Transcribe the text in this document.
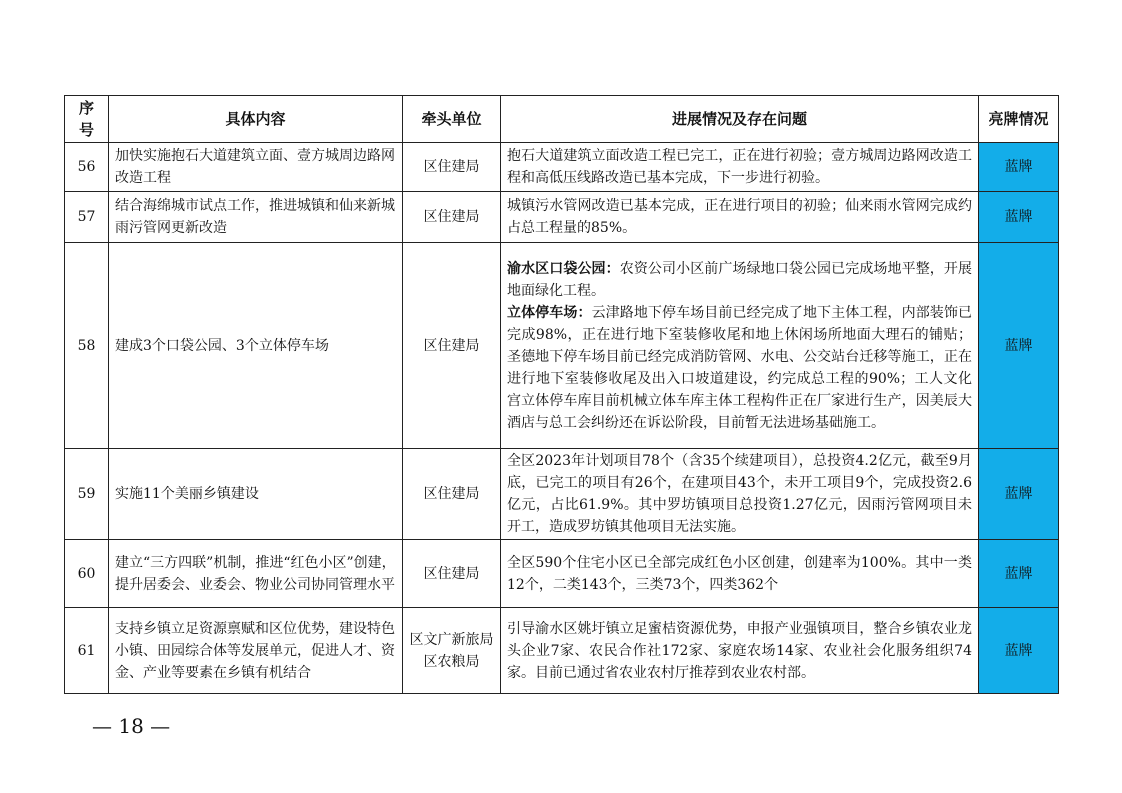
序
号	具体内容	牵头单位	进展情况及存在问题	亮牌情况
56	加快实施抱石大道建筑立面、壹方城周边路网改造工程	区住建局	抱石大道建筑立面改造工程已完工，正在进行初验；壹方城周边路网改造工程和高低压线路改造已基本完成，下一步进行初验。	蓝牌
57	结合海绵城市试点工作，推进城镇和仙来新城雨污管网更新改造	区住建局	城镇污水管网改造已基本完成，正在进行项目的初验；仙来雨水管网完成约占总工程量的85%。	蓝牌
58	建成3个口袋公园、3个立体停车场	区住建局	渝水区口袋公园：农资公司小区前广场绿地口袋公园已完成场地平整，开展地面绿化工程。
立体停车场：云津路地下停车场目前已经完成了地下主体工程，内部装饰已完成98%，正在进行地下室装修收尾和地上休闲场所地面大理石的铺贴；圣德地下停车场目前已经完成消防管网、水电、公交站台迁移等施工，正在进行地下室装修收尾及出入口坡道建设，约完成总工程的90%；工人文化宫立体停车库目前机械立体车库主体工程构件正在厂家进行生产，因美辰大酒店与总工会纠纷还在诉讼阶段，目前暂无法进场基础施工。	蓝牌
59	实施11个美丽乡镇建设	区住建局	全区2023年计划项目78个（含35个续建项目），总投资4.2亿元，截至9月底，已完工的项目有26个，在建项目43个，未开工项目9个，完成投资2.6亿元，占比61.9%。其中罗坊镇项目总投资1.27亿元，因雨污管网项目未开工，造成罗坊镇其他项目无法实施。	蓝牌
60	建立“三方四联”机制，推进“红色小区”创建，提升居委会、业委会、物业公司协同管理水平	区住建局	全区590个住宅小区已全部完成红色小区创建，创建率为100%。其中一类12个，二类143个，三类73个，四类362个	蓝牌
61	支持乡镇立足资源禀赋和区位优势，建设特色小镇、田园综合体等发展单元，促进人才、资金、产业等要素在乡镇有机结合	区文广新旅局
区农粮局	引导渝水区姚圩镇立足蜜桔资源优势，申报产业强镇项目，整合乡镇农业龙头企业7家、农民合作社172家、家庭农场14家、农业社会化服务组织74家。目前已通过省农业农村厅推荐到农业农村部。	蓝牌
— 18 —
